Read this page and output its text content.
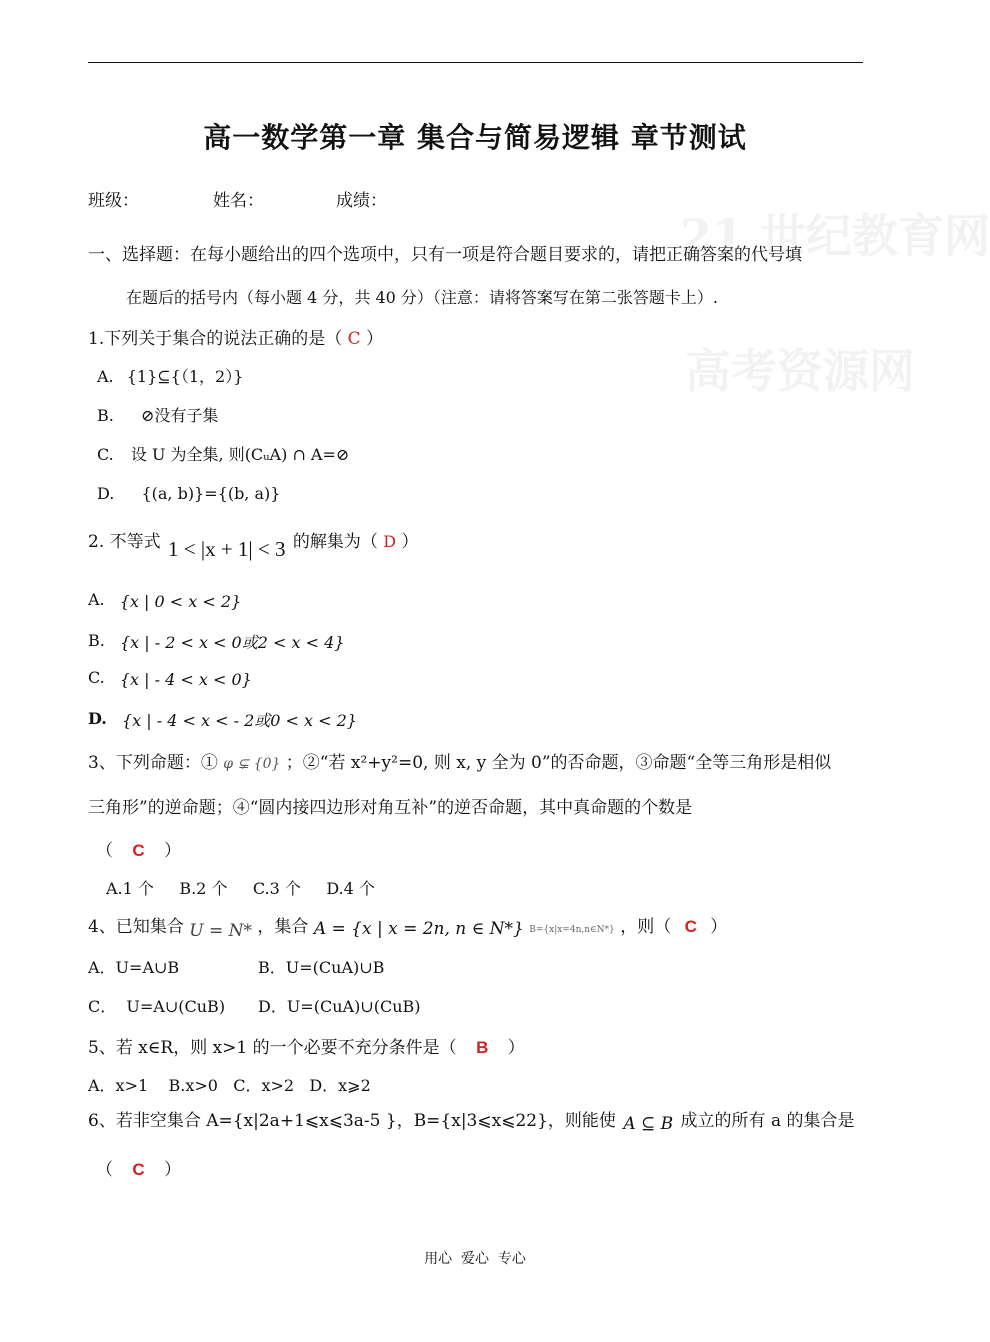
21 世纪教育网
高考资源网
高一数学第一章 集合与简易逻辑 章节测试
班级：	姓名：	成绩：
一、选择题：在每小题给出的四个选项中，只有一项是符合题目要求的，请把正确答案的代号填
在题后的括号内（每小题 4 分，共 40 分）（注意：请将答案写在第二张答题卡上）.
1.下列关于集合的说法正确的是（ C ）
A. {1}⊆{（1，2）}
B. ⊘没有子集
C. 设 U 为全集, 则(CᵤA) ∩ A=⊘
D. {(a, b)}={(b, a)}
2. 不等式 1 < |x + 1| < 3 的解集为（ D ）
A. {x | 0 < x < 2}
B. {x | - 2 < x < 0或2 < x < 4}
C. {x | - 4 < x < 0}
D. {x | - 4 < x < - 2或0 < x < 2}
3、下列命题：① φ ⊊ {0} ；②“若 x²+y²=0, 则 x, y 全为 0”的否命题，③命题“全等三角形是相似
三角形”的逆命题；④“圆内接四边形对角互补”的逆否命题，其中真命题的个数是
（ C ）
A.1 个     B.2 个     C.3 个     D.4 个
4、已知集合 U = N* ，集合 A = {x | x = 2n, n ∈ N*} B={x|x=4n,n∈N*} ，则（ C ）
A．U=A∪B	B．U=(CuA)∪B
C．  U=A∪(CuB) D．U=(CuA)∪(CuB)
5、若 x∈R，则 x>1 的一个必要不充分条件是（ B ）
A．x>1    B.x>0   C．x>2   D．x⩾2
6、若非空集合 A={x|2a+1⩽x⩽3a-5 }，B={x|3⩽x⩽22}，则能使 A ⊆ B 成立的所有 a 的集合是
（ C ）
用心  爱心  专心
